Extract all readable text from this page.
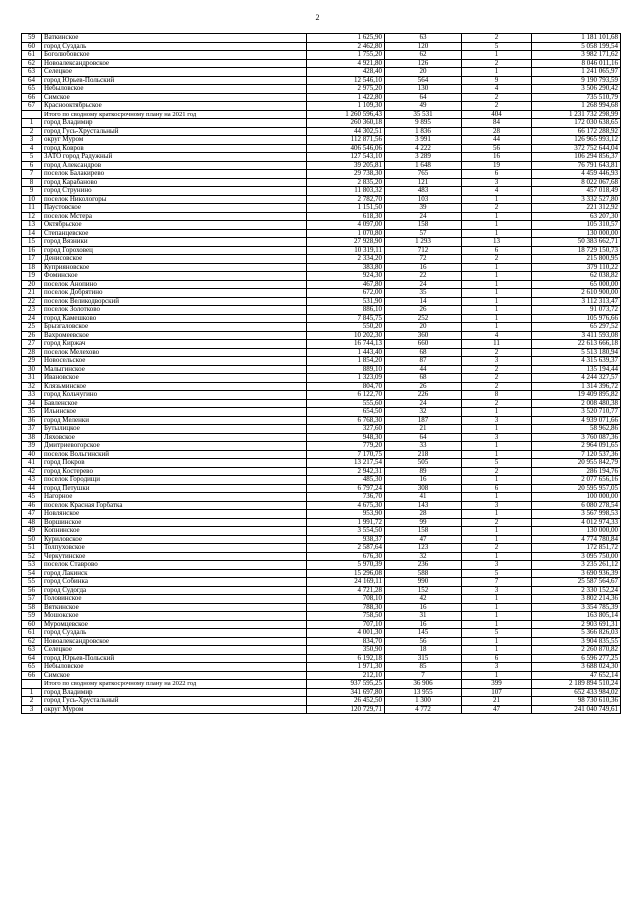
2
59	Ваткинское	1 625,90	63	2	1 181 101,68
60	город Суздаль	2 462,80	120	5	5 058 199,54
61	Боголюбовское	1 755,20	62	1	3 982 171,62
62	Новоалександровское	4 921,80	126	2	8 046 011,16
63	Селецкое	428,40	20	1	1 241 065,97
64	город Юрьев-Польский	12 546,10	564	9	9 190 793,59
65	Небыловское	2 975,20	130	4	3 506 290,42
66	Симское	1 422,80	64	2	735 510,79
67	Краснооктябрьское	1 109,30	49	2	1 268 994,68
	Итого по сводному краткосрочному плану на 2021 год	1 260 596,43	35 531	404	1 231 732 298,99
1	город Владимир	260 360,18	9 895	84	172 030 638,65
2	город Гусь-Хрустальный	44 302,51	1 836	28	66 172 288,92
3	округ Муром	112 871,56	3 991	44	126 965 993,12
4	город Ковров	406 546,06	4 222	56	372 752 644,04
5	ЗАТО город Радужный	127 543,10	3 289	16	106 294 856,37
6	город Александров	39 205,81	1 648	19	76 791 643,81
7	поселок Балакирево	29 738,30	765	6	4 459 446,93
8	город Карабаново	2 835,20	121	3	8 022 067,68
9	город Струнино	11 803,32	483	4	457 018,49
10	поселок Никологоры	2 782,70	103	1	3 332 527,80
11	Паустовское	1 151,50	39	2	221 312,92
12	поселок Мстера	618,30	24	1	63 207,30
13	Октябрьское	4 097,00	158	1	105 310,57
14	Степанцевское	1 070,80	57	1	130 000,00
15	город Вязники	27 928,90	1 293	13	50 383 662,71
16	город Гороховец	10 319,11	712	6	18 729 150,73
17	Денисовское	2 334,20	72	2	215 800,95
18	Куприяновское	383,80	16	1	379 110,22
19	Фоминское	924,30	22	1	62 038,82
20	поселок Анопино	467,80	24	1	65 000,00
21	поселок Добрятино	672,00	35	1	2 610 900,00
22	поселок Великодворский	531,90	14	1	3 112 313,47
23	поселок Золотково	886,10	26	1	91 073,72
24	город Камешково	7 845,75	252	1	105 976,66
25	Брызгаловское	550,20	20	1	65 297,52
26	Вахромеевское	10 202,30	360	4	3 411 593,08
27	город Киржач	16 744,13	660	11	22 613 666,18
28	поселок Мелехово	1 443,40	68	2	5 513 180,94
29	Новосельское	1 854,20	87	3	4 315 639,37
30	Малыгинское	889,10	44	2	135 194,44
31	Ивановское	1 323,09	68	2	4 244 327,57
32	Клязьминское	804,70	26	2	1 314 396,72
33	город Кольчугино	6 122,70	226	8	19 409 895,82
34	Бавленское	555,60	24	2	2 008 480,38
35	Ильинское	654,50	32	1	3 520 710,77
36	город Меленки	6 768,30	187	3	4 939 071,66
37	Бутылицкое	327,60	21	1	58 962,86
38	Ляховское	948,30	64	3	3 760 087,36
39	Дмитриевогорское	779,20	33	1	2 964 091,65
40	поселок Вольгинский	7 170,75	218	1	7 120 537,36
41	город Покров	13 217,54	505	5	20 955 842,79
42	город Костерево	2 942,31	89	2	286 194,76
43	поселок Городищи	485,30	16	1	2 077 656,16
44	город Петушки	6 797,24	308	6	20 595 957,05
45	Нагорное	736,70	41	1	100 000,00
46	поселок Красная Горбатка	4 675,30	143	3	6 080 278,54
47	Новлянское	953,90	28	1	3 567 998,53
48	Воршинское	1 991,72	99	2	4 012 974,33
49	Копнинское	3 554,50	158	1	130 000,00
50	Куриловское	938,37	47	1	4 774 780,84
51	Толпуховское	2 587,64	123	2	172 851,72
52	Черкутинское	676,30	32	1	3 095 750,00
53	поселок Ставрово	5 970,39	236	3	3 235 261,12
54	город Лакинск	15 296,08	588	5	3 690 936,39
55	город Собинка	24 169,11	990	7	25 587 564,67
56	город Судогда	4 721,28	152	3	2 330 152,24
57	Головинское	708,10	42	1	3 802 214,36
58	Вяткинское	788,30	16	1	3 354 785,39
59	Мошокское	758,50	31	1	163 805,14
60	Муромцевское	707,10	16	1	2 903 691,31
61	город Суздаль	4 001,30	145	5	5 366 826,03
62	Новоалександровское	834,70	56	1	3 904 835,55
63	Селецкое	350,90	18	1	2 260 870,82
64	город Юрьев-Польский	6 192,18	315	6	6 596 277,25
65	Небыловское	1 971,30	85	3	3 688 024,30
66	Симское	212,10	7	1	47 652,14
	Итого по сводному краткосрочному плану на 2022 год	937 595,25	36 906	399	2 189 894 510,24
1	город Владимир	341 697,80	13 955	107	652 433 984,02
2	город Гусь-Хрустальный	26 452,50	1 300	21	98 730 610,36
3	округ Муром	120 729,71	4 772	47	241 040 749,61
